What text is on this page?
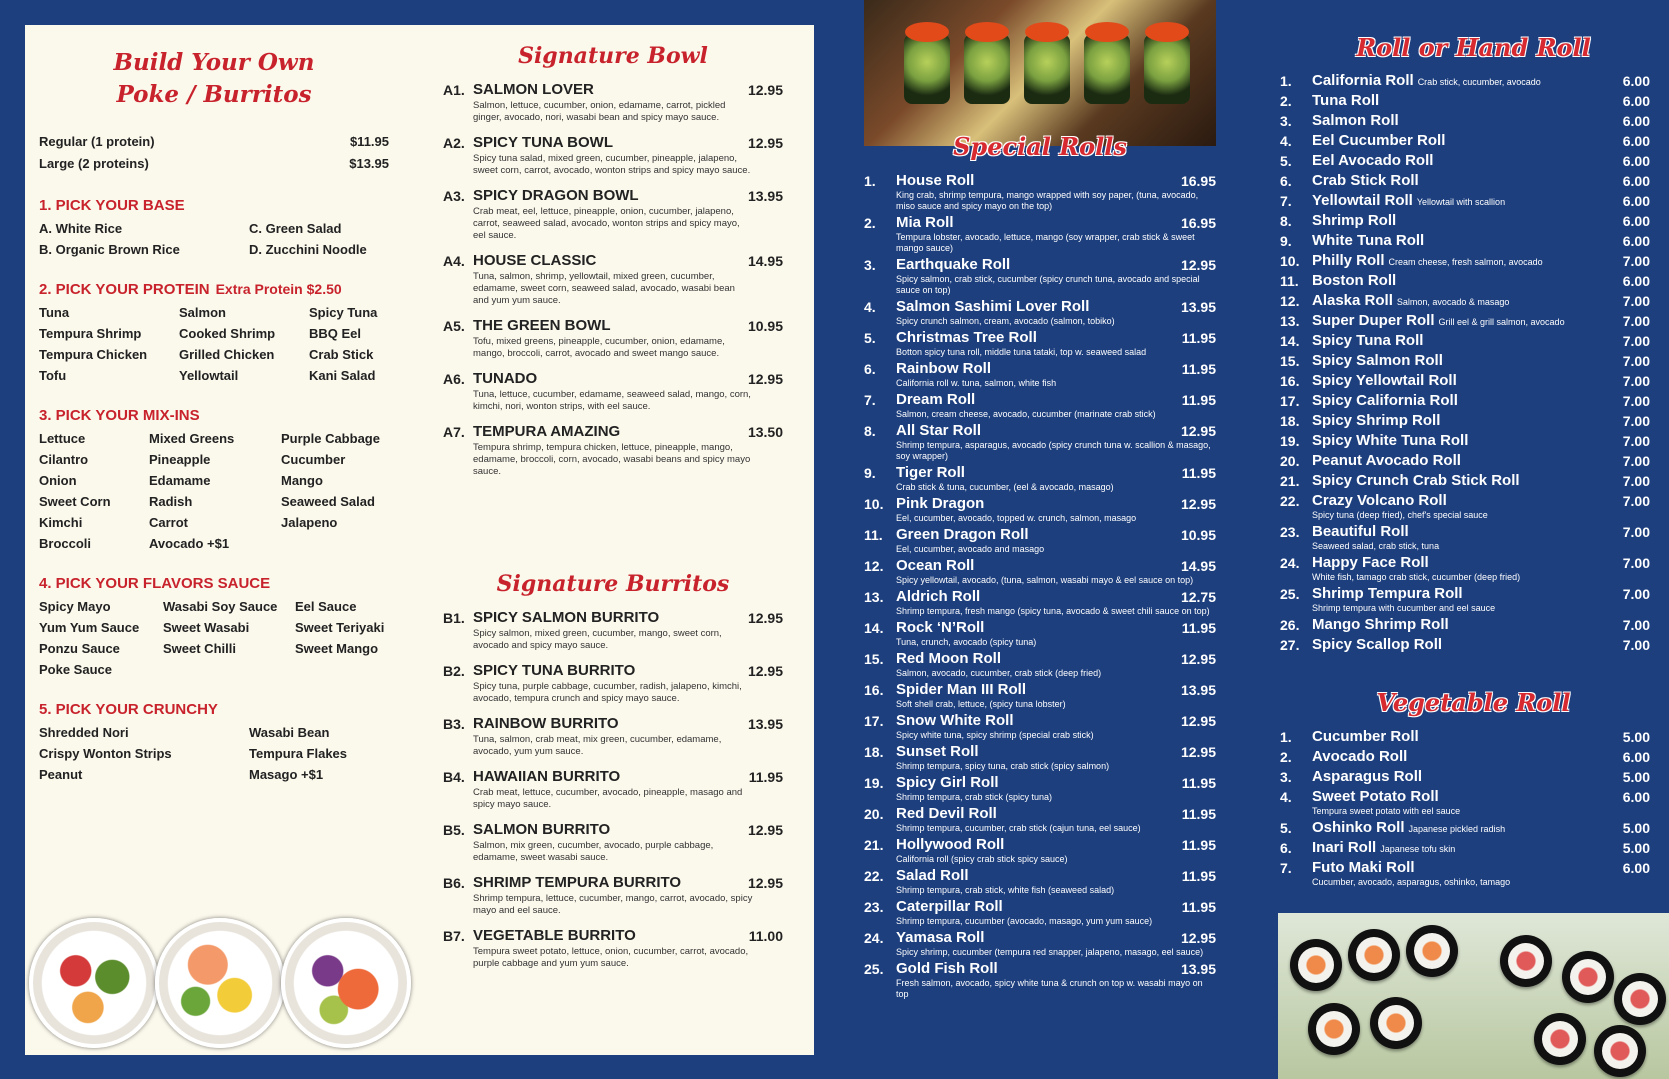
Build Your Own
Poke / Burritos
Regular (1 protein)	$11.95
Large (2 proteins)	$13.95
1. PICK YOUR BASE
A. White Rice	C. Green Salad
B. Organic Brown Rice	D. Zucchini Noodle
2. PICK YOUR PROTEIN Extra Protein $2.50
Tuna	Salmon	Spicy Tuna
Tempura Shrimp	Cooked Shrimp	BBQ Eel
Tempura Chicken	Grilled Chicken	Crab Stick
Tofu	Yellowtail	Kani Salad
3. PICK YOUR MIX-INS
Lettuce	Mixed Greens	Purple Cabbage
Cilantro	Pineapple	Cucumber
Onion	Edamame	Mango
Sweet Corn	Radish	Seaweed Salad
Kimchi	Carrot	Jalapeno
Broccoli	Avocado +$1
4. PICK YOUR FLAVORS SAUCE
Spicy Mayo	Wasabi Soy Sauce	Eel Sauce
Yum Yum Sauce	Sweet Wasabi	Sweet Teriyaki
Ponzu Sauce	Sweet Chilli	Sweet Mango
Poke Sauce
5. PICK YOUR CRUNCHY
Shredded Nori	Wasabi Bean
Crispy Wonton Strips	Tempura Flakes
Peanut	Masago +$1
Signature Bowl
A1. SALMON LOVER	12.95
Salmon, lettuce, cucumber, onion, edamame, carrot, pickled ginger, avocado, nori, wasabi bean and spicy mayo sauce.
A2. SPICY TUNA BOWL	12.95
Spicy tuna salad, mixed green, cucumber, pineapple, jalapeno, sweet corn, carrot, avocado, wonton strips and spicy mayo sauce.
A3. SPICY DRAGON BOWL	13.95
Crab meat, eel, lettuce, pineapple, onion, cucumber, jalapeno, carrot, seaweed salad, avocado, wonton strips and spicy mayo, eel sauce.
A4. HOUSE CLASSIC	14.95
Tuna, salmon, shrimp, yellowtail, mixed green, cucumber, edamame, sweet corn, seaweed salad, avocado, wasabi bean and yum yum sauce.
A5. THE GREEN BOWL	10.95
Tofu, mixed greens, pineapple, cucumber, onion, edamame, mango, broccoli, carrot, avocado and sweet mango sauce.
A6. TUNADO	12.95
Tuna, lettuce, cucumber, edamame, seaweed salad, mango, corn, kimchi, nori, wonton strips, with eel sauce.
A7. TEMPURA AMAZING	13.50
Tempura shrimp, tempura chicken, lettuce, pineapple, mango, edamame, broccoli, corn, avocado, wasabi beans and spicy mayo sauce.
Signature Burritos
B1. SPICY SALMON BURRITO	12.95
Spicy salmon, mixed green, cucumber, mango, sweet corn, avocado and spicy mayo sauce.
B2. SPICY TUNA BURRITO	12.95
Spicy tuna, purple cabbage, cucumber, radish, jalapeno, kimchi, avocado, tempura crunch and spicy mayo sauce.
B3. RAINBOW BURRITO	13.95
Tuna, salmon, crab meat, mix green, cucumber, edamame, avocado, yum yum sauce.
B4. HAWAIIAN BURRITO	11.95
Crab meat, lettuce, cucumber, avocado, pineapple, masago and spicy mayo sauce.
B5. SALMON BURRITO	12.95
Salmon, mix green, cucumber, avocado, purple cabbage, edamame, sweet wasabi sauce.
B6. SHRIMP TEMPURA BURRITO	12.95
Shrimp tempura, lettuce, cucumber, mango, carrot, avocado, spicy mayo and eel sauce.
B7. VEGETABLE BURRITO	11.00
Tempura sweet potato, lettuce, onion, cucumber, carrot, avocado, purple cabbage and yum yum sauce.
Special Rolls
1. House Roll	16.95
King crab, shrimp tempura, mango wrapped with soy paper, (tuna, avocado, miso sauce and spicy mayo on the top)
2. Mia Roll	16.95
Tempura lobster, avocado, lettuce, mango (soy wrapper, crab stick & sweet mango sauce)
3. Earthquake Roll	12.95
Spicy salmon, crab stick, cucumber (spicy crunch tuna, avocado and special sauce on top)
4. Salmon Sashimi Lover Roll	13.95
Spicy crunch salmon, cream, avocado (salmon, tobiko)
5. Christmas Tree Roll	11.95
Botton spicy tuna roll, middle tuna tataki, top w. seaweed salad
6. Rainbow Roll	11.95
California roll w. tuna, salmon, white fish
7. Dream Roll	11.95
Salmon, cream cheese, avocado, cucumber (marinate crab stick)
8. All Star Roll	12.95
Shrimp tempura, asparagus, avocado (spicy crunch tuna w. scallion & masago, soy wrapper)
9. Tiger Roll	11.95
Crab stick & tuna, cucumber, (eel & avocado, masago)
10. Pink Dragon	12.95
Eel, cucumber, avocado, topped w. crunch, salmon, masago
11. Green Dragon Roll	10.95
Eel, cucumber, avocado and masago
12. Ocean Roll	14.95
Spicy yellowtail, avocado, (tuna, salmon, wasabi mayo & eel sauce on top)
13. Aldrich Roll	12.75
Shrimp tempura, fresh mango (spicy tuna, avocado & sweet chili sauce on top)
14. Rock ‘N’Roll	11.95
Tuna, crunch, avocado (spicy tuna)
15. Red Moon Roll	12.95
Salmon, avocado, cucumber, crab stick (deep fried)
16. Spider Man III Roll	13.95
Soft shell crab, lettuce, (spicy tuna lobster)
17. Snow White Roll	12.95
Spicy white tuna, spicy shrimp (special crab stick)
18. Sunset Roll	12.95
Shrimp tempura, spicy tuna, crab stick (spicy salmon)
19. Spicy Girl Roll	11.95
Shrimp tempura, crab stick (spicy tuna)
20. Red Devil Roll	11.95
Shrimp tempura, cucumber, crab stick (cajun tuna, eel sauce)
21. Hollywood Roll	11.95
California roll (spicy crab stick spicy sauce)
22. Salad Roll	11.95
Shrimp tempura, crab stick, white fish (seaweed salad)
23. Caterpillar Roll	11.95
Shrimp tempura, cucumber (avocado, masago, yum yum sauce)
24. Yamasa Roll	12.95
Spicy shrimp, cucumber (tempura red snapper, jalapeno, masago, eel sauce)
25. Gold Fish Roll	13.95
Fresh salmon, avocado, spicy white tuna & crunch on top w. wasabi mayo on top
Roll or Hand Roll
1. California Roll Crab stick, cucumber, avocado	6.00
2. Tuna Roll	6.00
3. Salmon Roll	6.00
4. Eel Cucumber Roll	6.00
5. Eel Avocado Roll	6.00
6. Crab Stick Roll	6.00
7. Yellowtail Roll Yellowtail with scallion	6.00
8. Shrimp Roll	6.00
9. White Tuna Roll	6.00
10. Philly Roll Cream cheese, fresh salmon, avocado	7.00
11. Boston Roll	6.00
12. Alaska Roll Salmon, avocado & masago	7.00
13. Super Duper Roll Grill eel & grill salmon, avocado	7.00
14. Spicy Tuna Roll	7.00
15. Spicy Salmon Roll	7.00
16. Spicy Yellowtail Roll	7.00
17. Spicy California Roll	7.00
18. Spicy Shrimp Roll	7.00
19. Spicy White Tuna Roll	7.00
20. Peanut Avocado Roll	7.00
21. Spicy Crunch Crab Stick Roll	7.00
22. Crazy Volcano Roll	7.00
Spicy tuna (deep fried), chef's special sauce
23. Beautiful Roll	7.00
Seaweed salad, crab stick, tuna
24. Happy Face Roll	7.00
White fish, tamago crab stick, cucumber (deep fried)
25. Shrimp Tempura Roll	7.00
Shrimp tempura with cucumber and eel sauce
26. Mango Shrimp Roll	7.00
27. Spicy Scallop Roll	7.00
Vegetable Roll
1. Cucumber Roll	5.00
2. Avocado Roll	6.00
3. Asparagus Roll	5.00
4. Sweet Potato Roll	6.00
Tempura sweet potato with eel sauce
5. Oshinko Roll Japanese pickled radish	5.00
6. Inari Roll Japanese tofu skin	5.00
7. Futo Maki Roll	6.00
Cucumber, avocado, asparagus, oshinko, tamago
